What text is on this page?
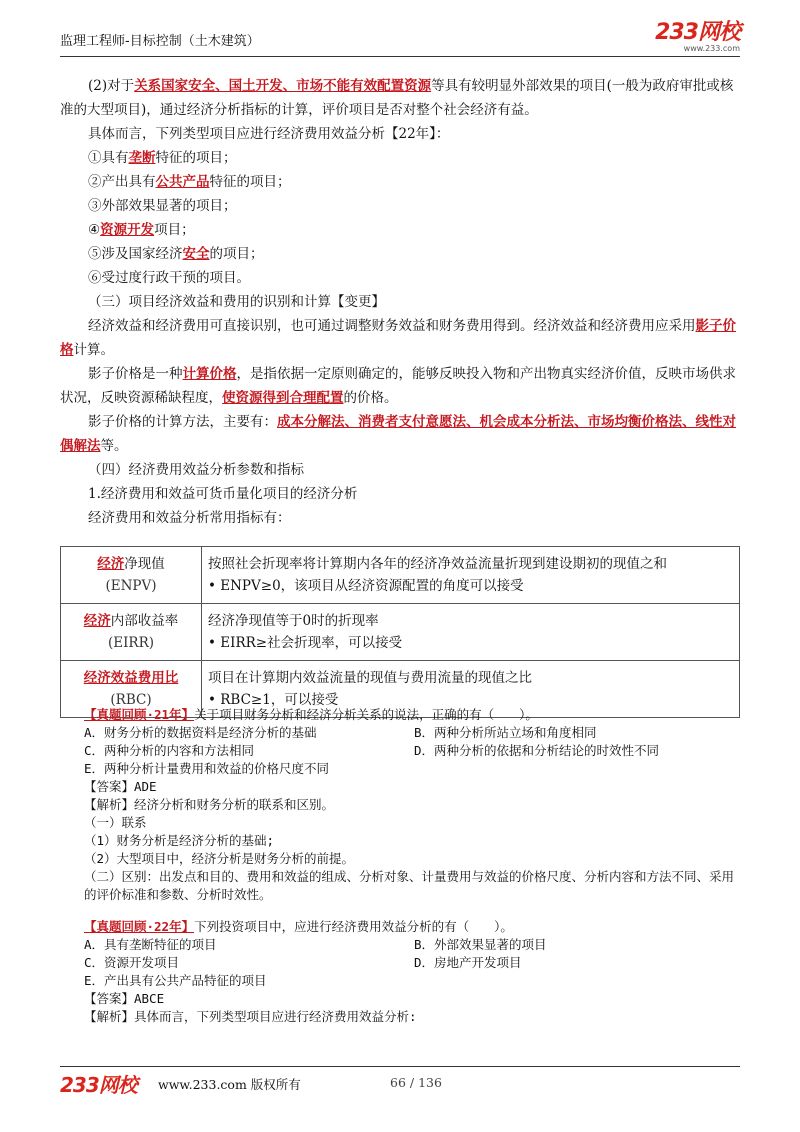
监理工程师-目标控制（土木建筑）	233网校
www.233.com

(2)对于关系国家安全、国土开发、市场不能有效配置资源等具有较明显外部效果的项目(一般为政府审批或核准的大型项目)，通过经济分析指标的计算，评价项目是否对整个社会经济有益。

具体而言，下列类型项目应进行经济费用效益分析【22年】：

①具有垄断特征的项目；

②产出具有公共产品特征的项目；

③外部效果显著的项目；

④资源开发项目；

⑤涉及国家经济安全的项目；

⑥受过度行政干预的项目。

（三）项目经济效益和费用的识别和计算【变更】

经济效益和经济费用可直接识别，也可通过调整财务效益和财务费用得到。经济效益和经济费用应采用影子价格计算。

影子价格是一种计算价格，是指依据一定原则确定的，能够反映投入物和产出物真实经济价值，反映市场供求状况，反映资源稀缺程度，使资源得到合理配置的价格。

影子价格的计算方法，主要有：成本分解法、消费者支付意愿法、机会成本分析法、市场均衡价格法、线性对偶解法等。

（四）经济费用效益分析参数和指标

1.经济费用和效益可货币量化项目的经济分析

经济费用和效益分析常用指标有：

经济净现值
(ENPV)	按照社会折现率将计算期内各年的经济净效益流量折现到建设期初的现值之和
• ENPV≥0，该项目从经济资源配置的角度可以接受
经济内部收益率
(EIRR)	经济净现值等于0时的折现率
• EIRR≥社会折现率，可以接受
经济效益费用比
(RBC)	项目在计算期内效益流量的现值与费用流量的现值之比
• RBC≥1，可以接受
【真题回顾·21年】关于项目财务分析和经济分析关系的说法，正确的有（　　）。
A．财务分析的数据资料是经济分析的基础	B．两种分析所站立场和角度相同
C．两种分析的内容和方法相同	D．两种分析的依据和分析结论的时效性不同
E．两种分析计量费用和效益的价格尺度不同
【答案】ADE
【解析】经济分析和财务分析的联系和区别。
（一）联系
（1）财务分析是经济分析的基础;
（2）大型项目中，经济分析是财务分析的前提。
（二）区别：出发点和目的、费用和效益的组成、分析对象、计量费用与效益的价格尺度、分析内容和方法不同、采用的评价标准和参数、分析时效性。
【真题回顾·22年】下列投资项目中，应进行经济费用效益分析的有（　　）。
A．具有垄断特征的项目	B．外部效果显著的项目
C．资源开发项目	D．房地产开发项目
E．产出具有公共产品特征的项目
【答案】ABCE
【解析】具体而言，下列类型项目应进行经济费用效益分析:
233网校 www.233.com 版权所有	66 / 136
